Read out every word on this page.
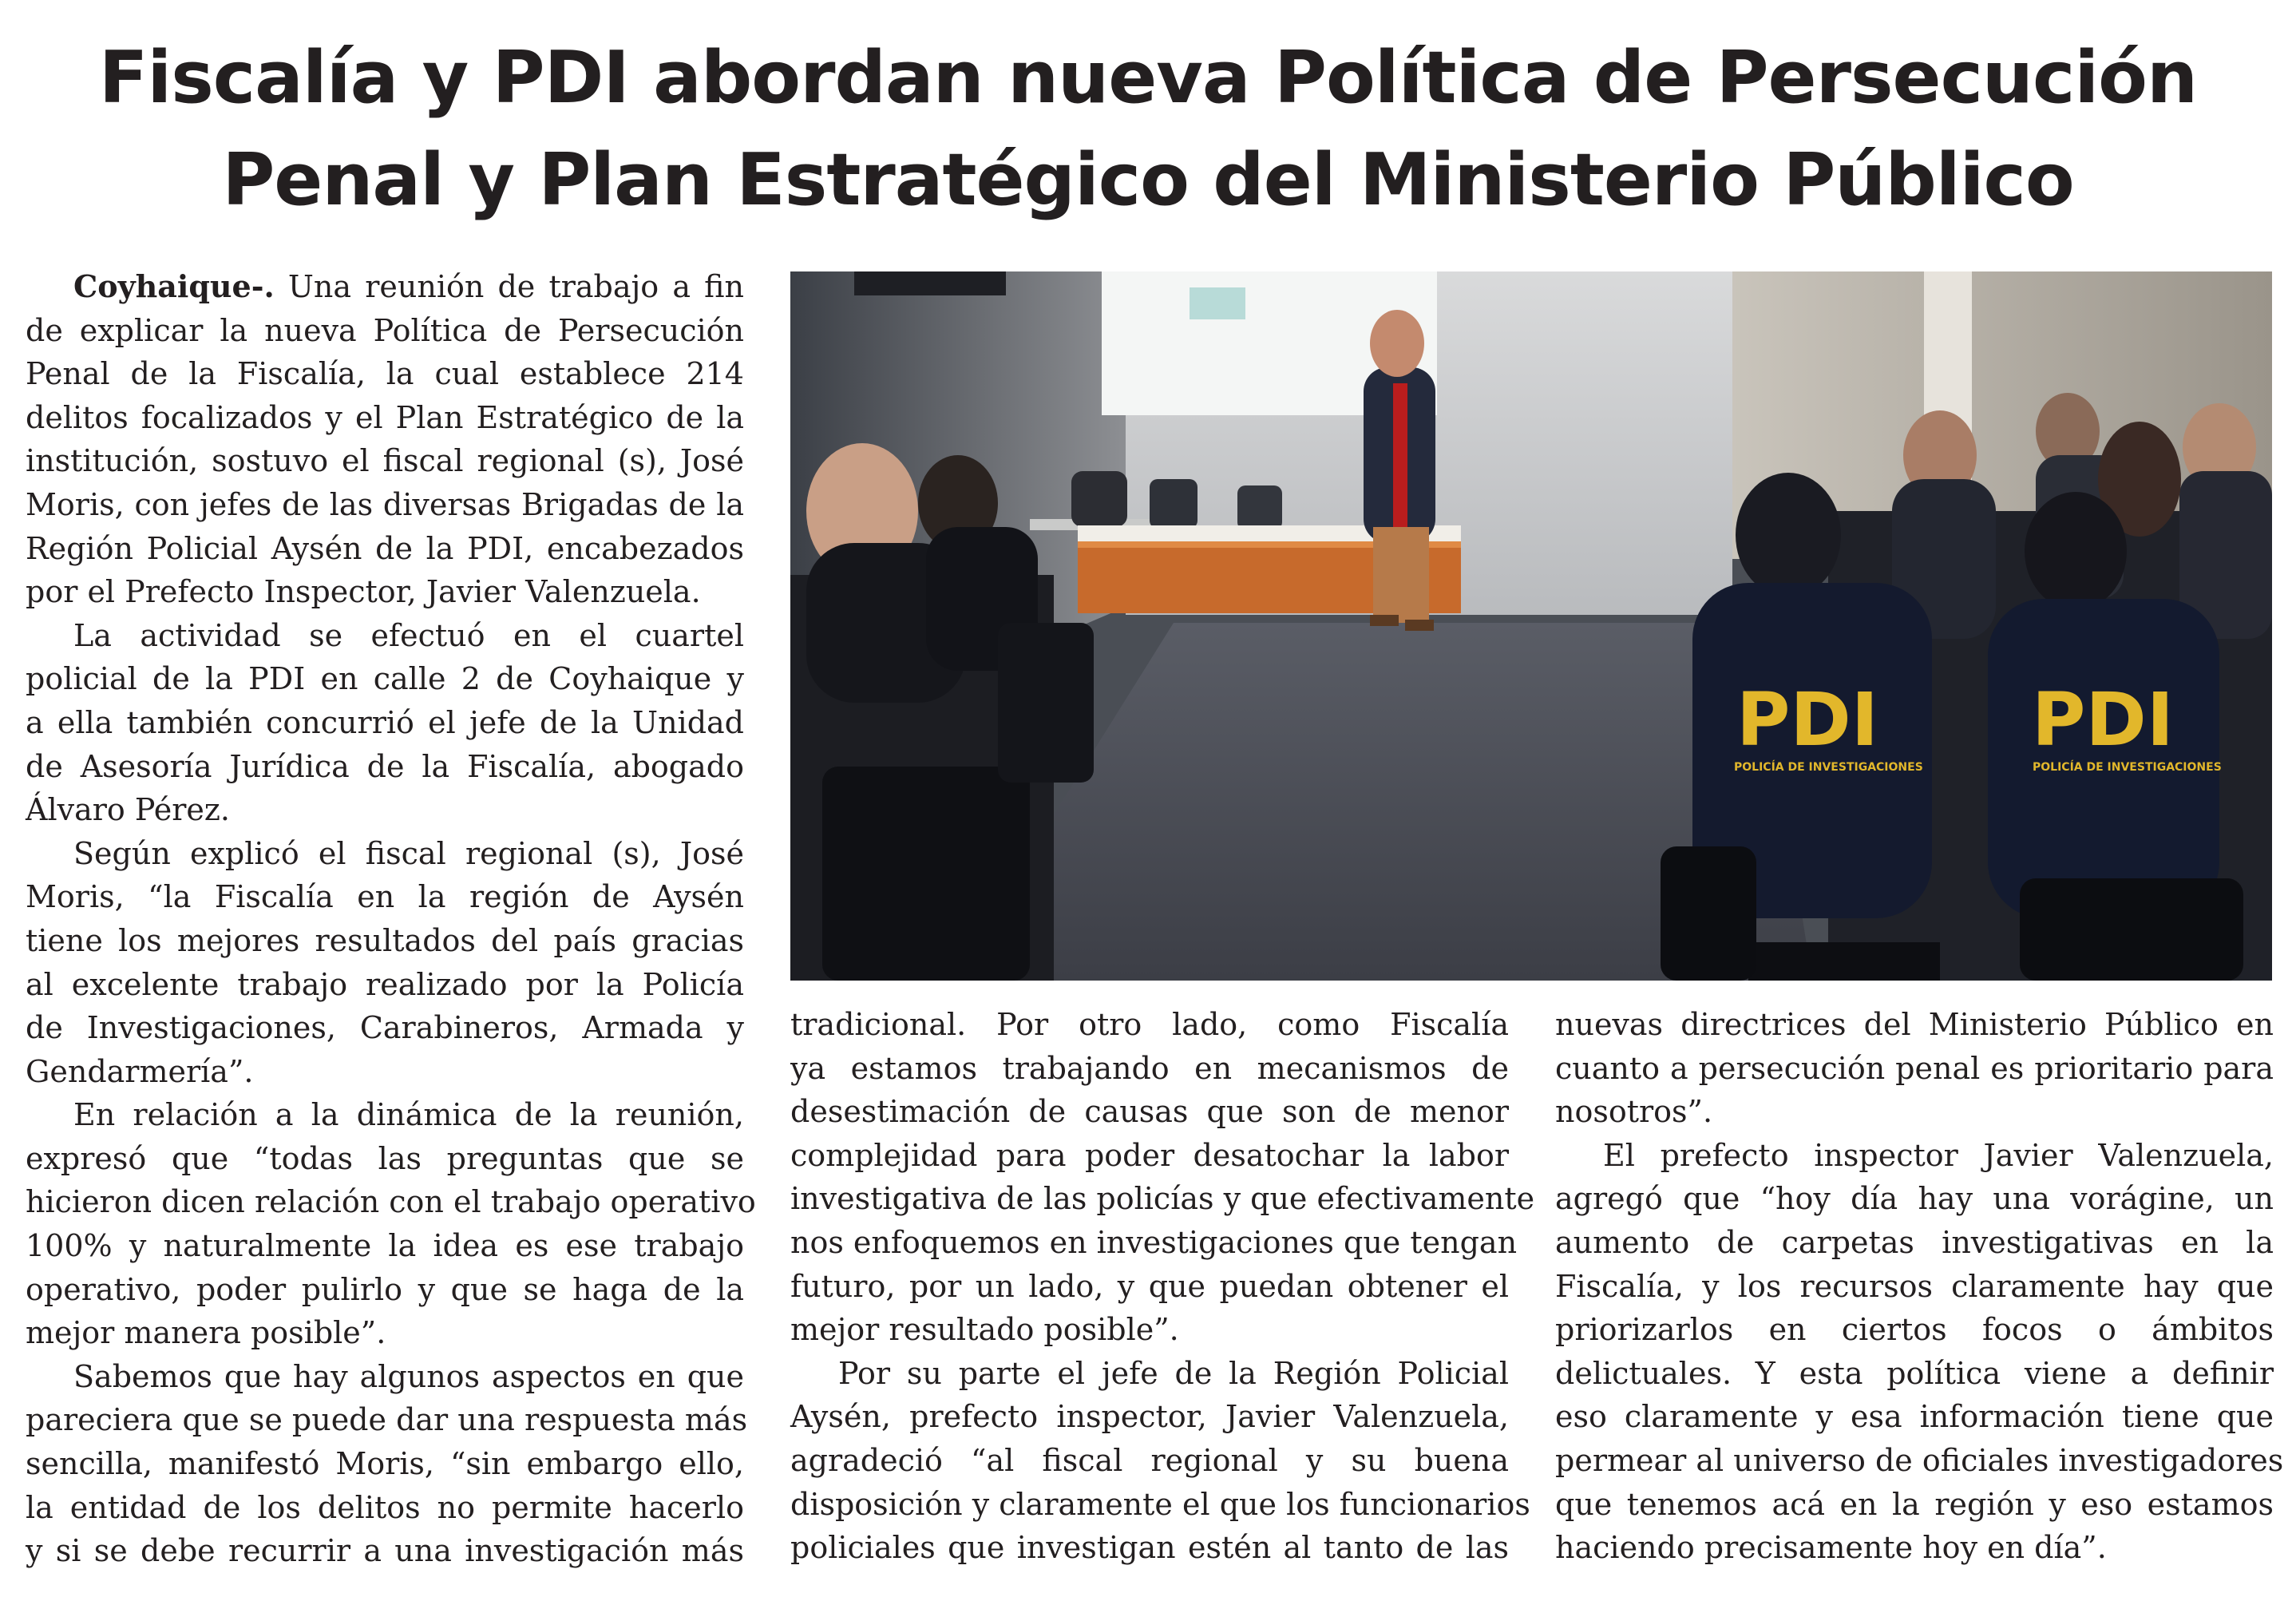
Fiscalía y PDI abordan nueva Política de Persecución
Penal y Plan Estratégico del Ministerio Público

Coyhaique-. Una reunión de trabajo a fin
de explicar la nueva Política de Persecución
Penal de la Fiscalía, la cual establece 214
delitos focalizados y el Plan Estratégico de la
institución, sostuvo el fiscal regional (s), José
Moris, con jefes de las diversas Brigadas de la
Región Policial Aysén de la PDI, encabezados
por el Prefecto Inspector, Javier Valenzuela.

La actividad se efectuó en el cuartel
policial de la PDI en calle 2 de Coyhaique y
a ella también concurrió el jefe de la Unidad
de Asesoría Jurídica de la Fiscalía, abogado
Álvaro Pérez.

Según explicó el fiscal regional (s), José
Moris, “la Fiscalía en la región de Aysén
tiene los mejores resultados del país gracias
al excelente trabajo realizado por la Policía
de Investigaciones, Carabineros, Armada y
Gendarmería”.

En relación a la dinámica de la reunión,
expresó que “todas las preguntas que se
hicieron dicen relación con el trabajo operativo
100% y naturalmente la idea es ese trabajo
operativo, poder pulirlo y que se haga de la
mejor manera posible”.

Sabemos que hay algunos aspectos en que
pareciera que se puede dar una respuesta más
sencilla, manifestó Moris, “sin embargo ello,
la entidad de los delitos no permite hacerlo
y si se debe recurrir a una investigación más

tradicional. Por otro lado, como Fiscalía
ya estamos trabajando en mecanismos de
desestimación de causas que son de menor
complejidad para poder desatochar la labor
investigativa de las policías y que efectivamente
nos enfoquemos en investigaciones que tengan
futuro, por un lado, y que puedan obtener el
mejor resultado posible”.

Por su parte el jefe de la Región Policial
Aysén, prefecto inspector, Javier Valenzuela,
agradeció “al fiscal regional y su buena
disposición y claramente el que los funcionarios
policiales que investigan estén al tanto de las

nuevas directrices del Ministerio Público en
cuanto a persecución penal es prioritario para
nosotros”.

El prefecto inspector Javier Valenzuela,
agregó que “hoy día hay una vorágine, un
aumento de carpetas investigativas en la
Fiscalía, y los recursos claramente hay que
priorizarlos en ciertos focos o ámbitos
delictuales. Y esta política viene a definir
eso claramente y esa información tiene que
permear al universo de oficiales investigadores
que tenemos acá en la región y eso estamos
haciendo precisamente hoy en día”.

PDI PDI
POLICÍA DE INVESTIGACIONES	POLICÍA DE INVESTIGACIONES
